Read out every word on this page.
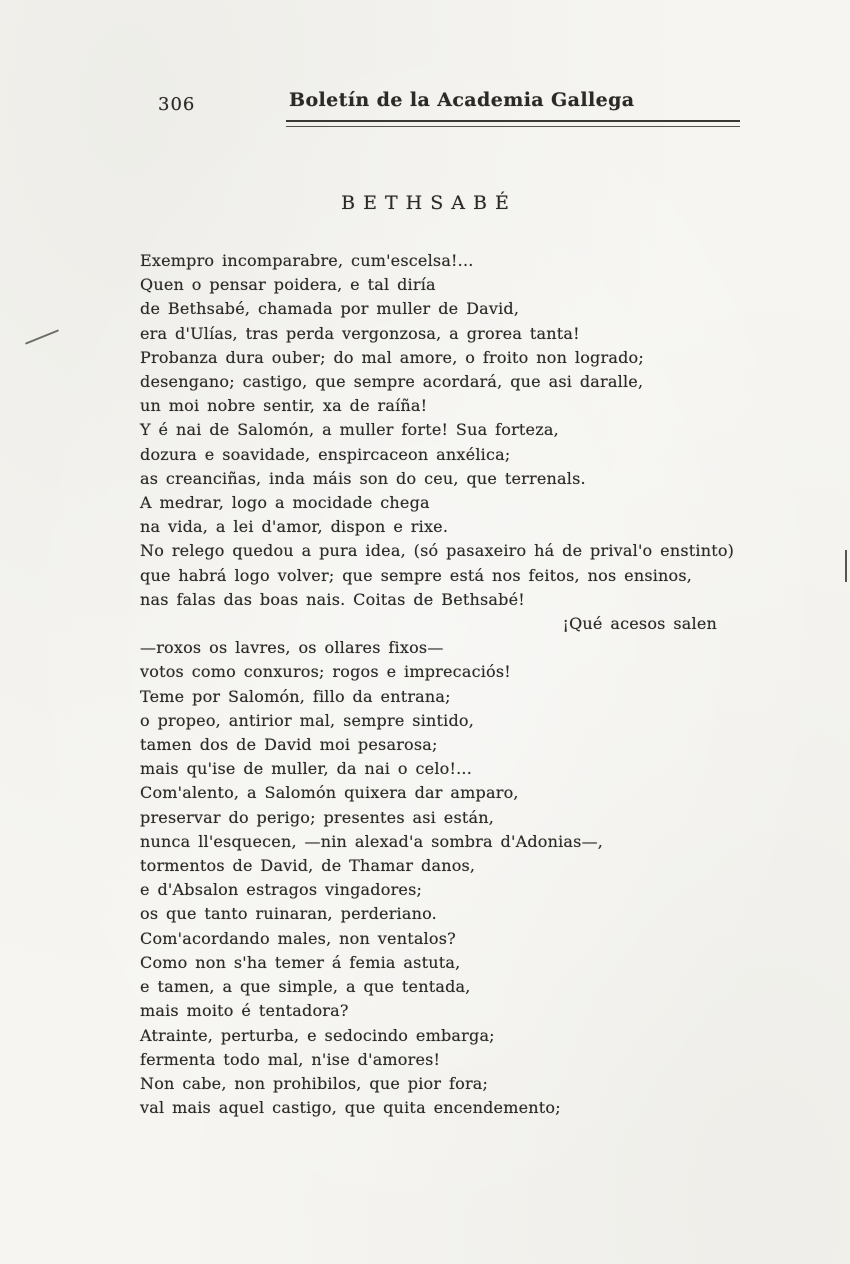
306	Boletín de la Academia Gallega
BETHSABÉ
Exempro incomparabre, cum'escelsa!...
Quen o pensar poidera, e tal diría
de Bethsabé, chamada por muller de David,
era d'Ulías, tras perda vergonzosa, a grorea tanta!
Probanza dura ouber; do mal amore, o froito non logrado;
desengano; castigo, que sempre acordará, que asi daralle,
un moi nobre sentir, xa de raíña!
Y é nai de Salomón, a muller forte! Sua forteza,
dozura e soavidade, enspircaceon anxélica;
as creanciñas, inda máis son do ceu, que terrenals.
A medrar, logo a mocidade chega
na vida, a lei d'amor, dispon e rixe.
No relego quedou a pura idea, (só pasaxeiro há de prival'o enstinto)
que habrá logo volver; que sempre está nos feitos, nos ensinos,
nas falas das boas nais. Coitas de Bethsabé!
¡Qué acesos salen
—roxos os lavres, os ollares fixos—
votos como conxuros; rogos e imprecaciós!
Teme por Salomón, fillo da entrana;
o propeo, antirior mal, sempre sintido,
tamen dos de David moi pesarosa;
mais qu'ise de muller, da nai o celo!...
Com'alento, a Salomón quixera dar amparo,
preservar do perigo; presentes asi están,
nunca ll'esquecen, —nin alexad'a sombra d'Adonias—,
tormentos de David, de Thamar danos,
e d'Absalon estragos vingadores;
os que tanto ruinaran, perderiano.
Com'acordando males, non ventalos?
Como non s'ha temer á femia astuta,
e tamen, a que simple, a que tentada,
mais moito é tentadora?
Atrainte, perturba, e sedocindo embarga;
fermenta todo mal, n'ise d'amores!
Non cabe, non prohibilos, que pior fora;
val mais aquel castigo, que quita encendemento;
